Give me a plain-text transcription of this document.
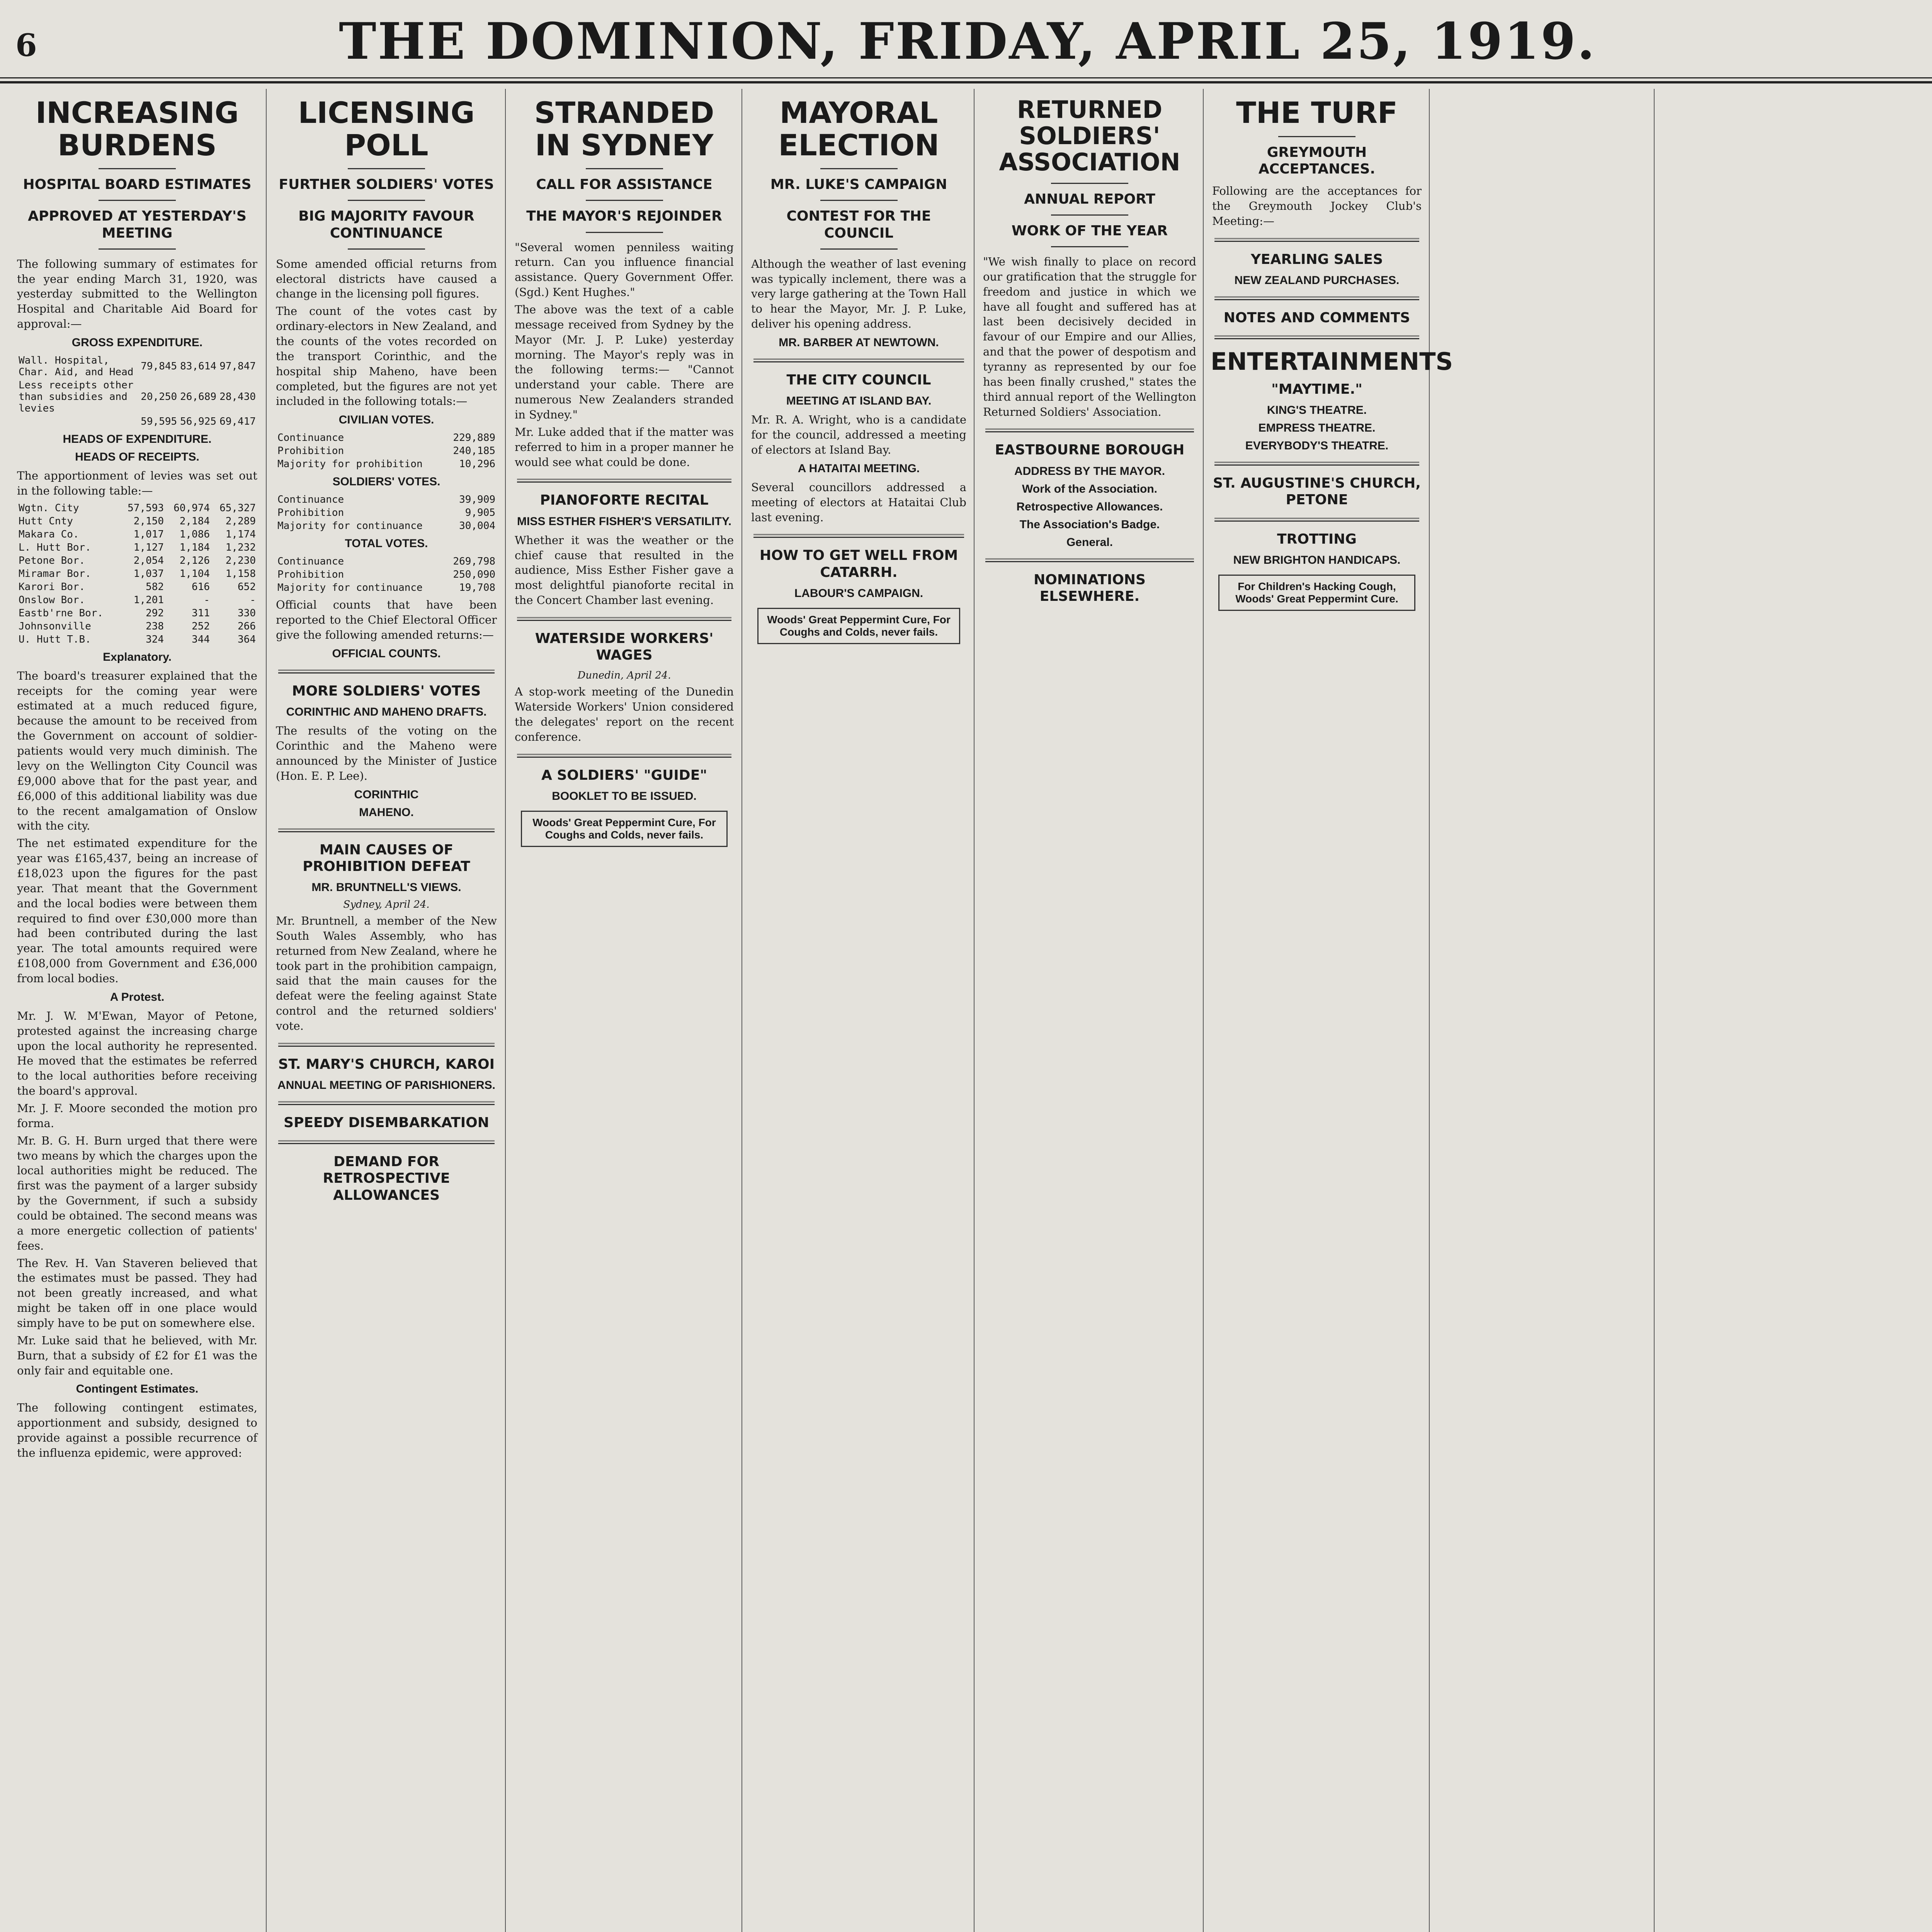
6	THE DOMINION, FRIDAY, APRIL 25, 1919.
INCREASING BURDENS
HOSPITAL BOARD ESTIMATES
APPROVED AT YESTERDAY'S MEETING

The following summary of estimates for the year ending March 31, 1920, was yesterday submitted to the Wellington Hospital and Charitable Aid Board for approval:—

GROSS EXPENDITURE.
Wall. Hospital, Char. Aid, and Head	79,845	83,614	97,847
Less receipts other than subsidies and levies	20,250	26,689	28,430
	59,595	56,925	69,417
HEADS OF EXPENDITURE.
HEADS OF RECEIPTS.

The apportionment of levies was set out in the following table:—

Wgtn. City	57,593	60,974	65,327
Hutt Cnty	2,150	2,184	2,289
Makara Co.	1,017	1,086	1,174
L. Hutt Bor.	1,127	1,184	1,232
Petone Bor.	2,054	2,126	2,230
Miramar Bor.	1,037	1,104	1,158
Karori Bor.	582	616	652
Onslow Bor.	1,201	-	-
Eastb'rne Bor.	292	311	330
Johnsonville	238	252	266
U. Hutt T.B.	324	344	364
Explanatory.

The board's treasurer explained that the receipts for the coming year were estimated at a much reduced figure, because the amount to be received from the Government on account of soldier-patients would very much diminish. The levy on the Wellington City Council was £9,000 above that for the past year, and £6,000 of this additional liability was due to the recent amalgamation of Onslow with the city.

The net estimated expenditure for the year was £165,437, being an increase of £18,023 upon the figures for the past year. That meant that the Government and the local bodies were between them required to find over £30,000 more than had been contributed during the last year. The total amounts required were £108,000 from Government and £36,000 from local bodies.

A Protest.

Mr. J. W. M'Ewan, Mayor of Petone, protested against the increasing charge upon the local authority he represented. He moved that the estimates be referred to the local authorities before receiving the board's approval.

Mr. J. F. Moore seconded the motion pro forma.

Mr. B. G. H. Burn urged that there were two means by which the charges upon the local authorities might be reduced. The first was the payment of a larger subsidy by the Government, if such a subsidy could be obtained. The second means was a more energetic collection of patients' fees.

The Rev. H. Van Staveren believed that the estimates must be passed. They had not been greatly increased, and what might be taken off in one place would simply have to be put on somewhere else.

Mr. Luke said that he believed, with Mr. Burn, that a subsidy of £2 for £1 was the only fair and equitable one.

Contingent Estimates.

The following contingent estimates, apportionment and subsidy, designed to provide against a possible recurrence of the influenza epidemic, were approved:

LICENSING POLL
FURTHER SOLDIERS' VOTES
BIG MAJORITY FAVOUR CONTINUANCE

Some amended official returns from electoral districts have caused a change in the licensing poll figures.

The count of the votes cast by ordinary-electors in New Zealand, and the counts of the votes recorded on the transport Corinthic, and the hospital ship Maheno, have been completed, but the figures are not yet included in the following totals:—

CIVILIAN VOTES.
Continuance	229,889
Prohibition	240,185
Majority for prohibition	10,296
SOLDIERS' VOTES.
Continuance	39,909
Prohibition	9,905
Majority for continuance	30,004
TOTAL VOTES.
Continuance	269,798
Prohibition	250,090
Majority for continuance	19,708

Official counts that have been reported to the Chief Electoral Officer give the following amended returns:—

OFFICIAL COUNTS.
MORE SOLDIERS' VOTES
CORINTHIC AND MAHENO DRAFTS.

The results of the voting on the Corinthic and the Maheno were announced by the Minister of Justice (Hon. E. P. Lee).

CORINTHIC
MAHENO.
MAIN CAUSES OF PROHIBITION DEFEAT
MR. BRUNTNELL'S VIEWS.
Sydney, April 24.

Mr. Bruntnell, a member of the New South Wales Assembly, who has returned from New Zealand, where he took part in the prohibition campaign, said that the main causes for the defeat were the feeling against State control and the returned soldiers' vote.

ST. MARY'S CHURCH, KAROI
ANNUAL MEETING OF PARISHIONERS.
SPEEDY DISEMBARKATION
DEMAND FOR RETROSPECTIVE ALLOWANCES
STRANDED IN SYDNEY
CALL FOR ASSISTANCE
THE MAYOR'S REJOINDER

"Several women penniless waiting return. Can you influence financial assistance. Query Government Offer. (Sgd.) Kent Hughes."

The above was the text of a cable message received from Sydney by the Mayor (Mr. J. P. Luke) yesterday morning. The Mayor's reply was in the following terms:— "Cannot understand your cable. There are numerous New Zealanders stranded in Sydney."

Mr. Luke added that if the matter was referred to him in a proper manner he would see what could be done.

PIANOFORTE RECITAL
MISS ESTHER FISHER'S VERSATILITY.

Whether it was the weather or the chief cause that resulted in the audience, Miss Esther Fisher gave a most delightful pianoforte recital in the Concert Chamber last evening.

WATERSIDE WORKERS' WAGES
Dunedin, April 24.

A stop-work meeting of the Dunedin Waterside Workers' Union considered the delegates' report on the recent conference.

A SOLDIERS' "GUIDE"
BOOKLET TO BE ISSUED.
Woods' Great Peppermint Cure, For Coughs and Colds, never fails.
MAYORAL ELECTION
MR. LUKE'S CAMPAIGN
CONTEST FOR THE COUNCIL

Although the weather of last evening was typically inclement, there was a very large gathering at the Town Hall to hear the Mayor, Mr. J. P. Luke, deliver his opening address.

MR. BARBER AT NEWTOWN.
THE CITY COUNCIL
MEETING AT ISLAND BAY.

Mr. R. A. Wright, who is a candidate for the council, addressed a meeting of electors at Island Bay.

A HATAITAI MEETING.

Several councillors addressed a meeting of electors at Hataitai Club last evening.

HOW TO GET WELL FROM CATARRH.
LABOUR'S CAMPAIGN.
Woods' Great Peppermint Cure, For Coughs and Colds, never fails.
RETURNED SOLDIERS' ASSOCIATION
ANNUAL REPORT
WORK OF THE YEAR

"We wish finally to place on record our gratification that the struggle for freedom and justice in which we have all fought and suffered has at last been decisively decided in favour of our Empire and our Allies, and that the power of despotism and tyranny as represented by our foe has been finally crushed," states the third annual report of the Wellington Returned Soldiers' Association.

EASTBOURNE BOROUGH
ADDRESS BY THE MAYOR.
Work of the Association.
Retrospective Allowances.
The Association's Badge.
General.
NOMINATIONS ELSEWHERE.
THE TURF
GREYMOUTH ACCEPTANCES.

Following are the acceptances for the Greymouth Jockey Club's Meeting:—

YEARLING SALES
NEW ZEALAND PURCHASES.
NOTES AND COMMENTS
ENTERTAINMENTS
"MAYTIME."
KING'S THEATRE.
EMPRESS THEATRE.
EVERYBODY'S THEATRE.
ST. AUGUSTINE'S CHURCH, PETONE
TROTTING
NEW BRIGHTON HANDICAPS.
For Children's Hacking Cough, Woods' Great Peppermint Cure.
